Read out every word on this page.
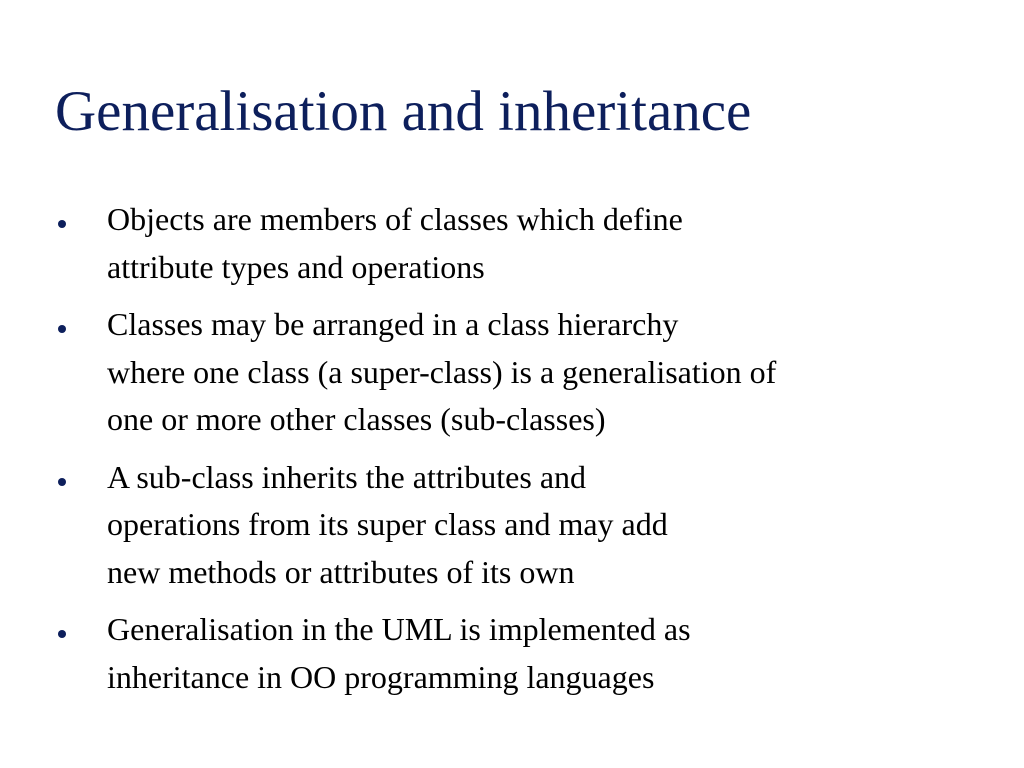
Generalisation and inheritance
Objects are members of classes which define
attribute types and operations
Classes may be arranged in a class hierarchy
where one class (a super-class) is a generalisation of
one or more other classes (sub-classes)
A sub-class inherits the attributes and
operations from its super class and may add
new methods or attributes of its own
Generalisation in the UML is implemented as
inheritance in OO programming languages
